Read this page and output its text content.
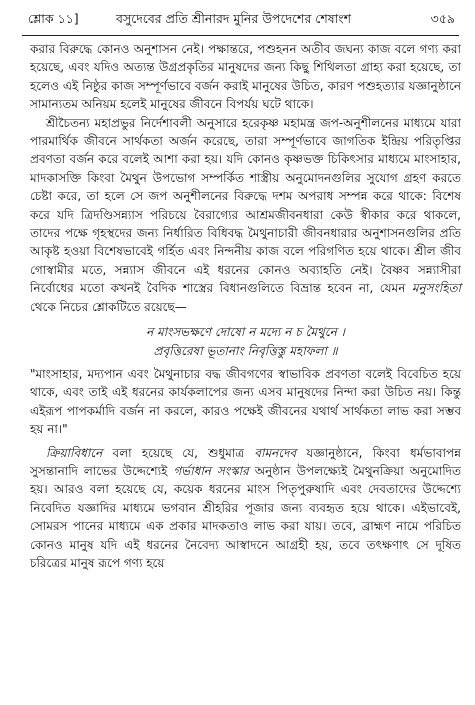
শ্লোক ১১]	বসুদেবের প্রতি শ্রীনারদ মুনির উপদেশের শেষাংশ	৩৫৯

করার বিরুদ্ধে কোনও অনুশাসন নেই। পক্ষান্তরে, পশুহনন অতীব জঘন্য কাজ বলে গণ্য করা হয়েছে, এবং যদিও অত্যন্ত উগ্রপ্রকৃতির মানুষদের জন্য কিছু শিথিলতা গ্রাহ্য করা হয়েছে, তা হলেও এই নিষ্ঠুর কাজ সম্পূর্ণভাবে বর্জন করাই মানুষের উচিত, কারণ পশুহত্যার যজ্ঞানুষ্ঠানে সামান্যতম অনিয়ম হলেই মানুষের জীবনে বিপর্যয় ঘটে থাকে।

শ্রীচৈতন্য মহাপ্রভুর নির্দেশাবলী অনুসারে হরেকৃষ্ণ মহামন্ত্র জপ-অনুশীলনের মাধ্যমে যারা পারমার্থিক জীবনে সার্থকতা অর্জন করেছে, তারা সম্পূর্ণভাবে জাগতিক ইন্দ্রিয় পরিতৃপ্তির প্রবণতা বর্জন করে বলেই আশা করা হয়। যদি কোনও কৃষ্ণভক্ত চিকিৎসার মাধ্যমে মাংসাহার, মাদকাসক্তি কিংবা মৈথুন উপভোগ সম্পর্কিত শাস্ত্রীয় অনুমোদনগুলির সুযোগ গ্রহণ করতে চেষ্টা করে, তা হলে সে জপ অনুশীলনের বিরুদ্ধে দশম অপরাধ সম্পন্ন করে থাকে: বিশেষ করে যদি ত্রিদণ্ডিসন্ন্যাস পরিচয়ে বৈরাগ্যের আশ্রমজীবনধারা কেউ স্বীকার করে থাকলে, তাদের পক্ষে গৃহস্থদের জন্য নির্ধারিত বিধিবদ্ধ মৈথুনাচারী জীবনধারার অনুশাসনগুলির প্রতি আকৃষ্ট হওয়া বিশেষভাবেই গর্হিত এবং নিন্দনীয় কাজ বলে পরিগণিত হয়ে থাকে। শ্রীল জীব গোস্বামীর মতে, সন্ন্যাস জীবনে এই ধরনের কোনও অব্যাহতি নেই। বৈষ্ণব সন্ন্যাসীরা নির্বোধের মতো কখনই বৈদিক শাস্ত্রের বিধানগুলিতে বিভ্রান্ত হবেন না, যেমন মনুসংহিতা থেকে নিচের শ্লোকটিতে রয়েছে—

ন মাংসভক্ষণে দোষো ন মদ্যে ন চ মৈথুনে ।
প্রবৃত্তিরেষা ভূতানাং নিবৃত্তিস্তু মহাফলা ॥
"মাংসাহার, মদ্যপান এবং মৈথুনাচার বদ্ধ জীবগণের স্বাভাবিক প্রবণতা বলেই বিবেচিত হয়ে থাকে, এবং তাই এই ধরনের কার্যকলাপের জন্য এসব মানুষদের নিন্দা করা উচিত নয়। কিন্তু এইরূপ পাপকর্মাদি বর্জন না করলে, কারও পক্ষেই জীবনের যথার্থ সার্থকতা লাভ করা সম্ভব হয় না।"

ক্রিয়াবিধানে বলা হয়েছে যে, শুধুমাত্র বামনদেব যজ্ঞানুষ্ঠানে, কিংবা ধর্মভাবাপন্ন সুসন্তানাদি লাভের উদ্দেশ্যেই গর্ভাধান সংস্কার অনুষ্ঠান উপলক্ষ্যেই মৈথুনক্রিয়া অনুমোদিত হয়। আরও বলা হয়েছে যে, কয়েক ধরনের মাংস পিতৃপুরুষাদি এবং দেবতাদের উদ্দেশ্যে নিবেদিত যজ্ঞাদির মাধ্যমে ভগবান শ্রীহরির পূজার জন্য ব্যবহৃত হয়ে থাকে। এইভাবেই, সোমরস পানের মাধ্যমে এক প্রকার মাদকতাও লাভ করা যায়। তবে, ব্রাহ্মণ নামে পরিচিত কোনও মানুষ যদি এই ধরনের নৈবেদ্য আস্বাদনে আগ্রহী হয়, তবে তৎক্ষণাৎ সে দূষিত চরিত্রের মানুষ রূপে গণ্য হয়ে
